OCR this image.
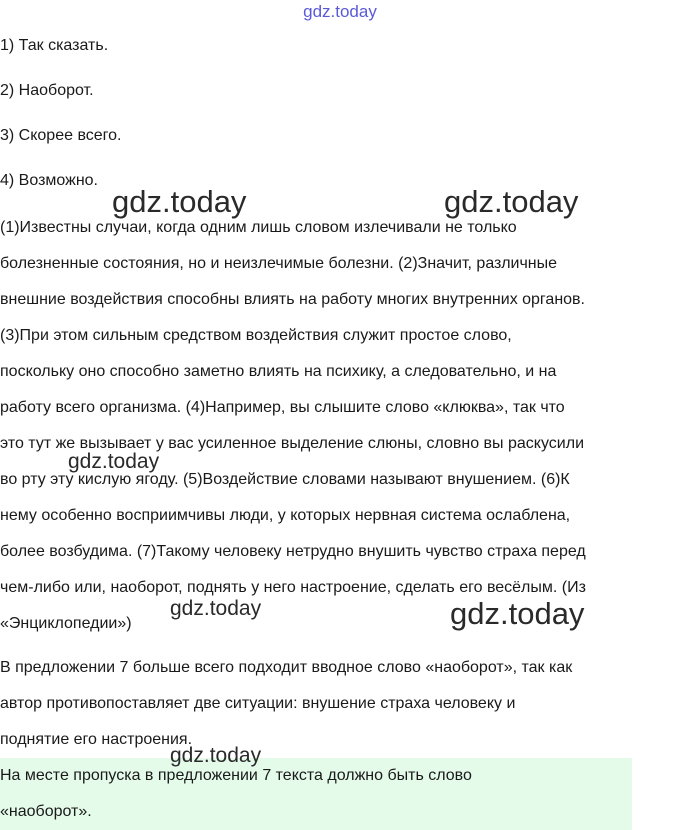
gdz.today
1) Так сказать.
2) Наоборот.
3) Скорее всего.
4) Возможно.
(1)Известны случаи, когда одним лишь словом излечивали не только
болезненные состояния, но и неизлечимые болезни. (2)Значит, различные
внешние воздействия способны влиять на работу многих внутренних органов.
(3)При этом сильным средством воздействия служит простое слово,
поскольку оно способно заметно влиять на психику, а следовательно, и на
работу всего организма. (4)Например, вы слышите слово «клюква», так что
это тут же вызывает у вас усиленное выделение слюны, словно вы раскусили
во рту эту кислую ягоду. (5)Воздействие словами называют внушением. (6)К
нему особенно восприимчивы люди, у которых нервная система ослаблена,
более возбудима. (7)Такому человеку нетрудно внушить чувство страха перед
чем-либо или, наоборот, поднять у него настроение, сделать его весёлым. (Из
«Энциклопедии»)
В предложении 7 больше всего подходит вводное слово «наоборот», так как
автор противопоставляет две ситуации: внушение страха человеку и
поднятие его настроения.
На месте пропуска в предложении 7 текста должно быть слово
«наоборот».
gdz.today	gdz.today
gdz.today
gdz.today	gdz.today
gdz.today
